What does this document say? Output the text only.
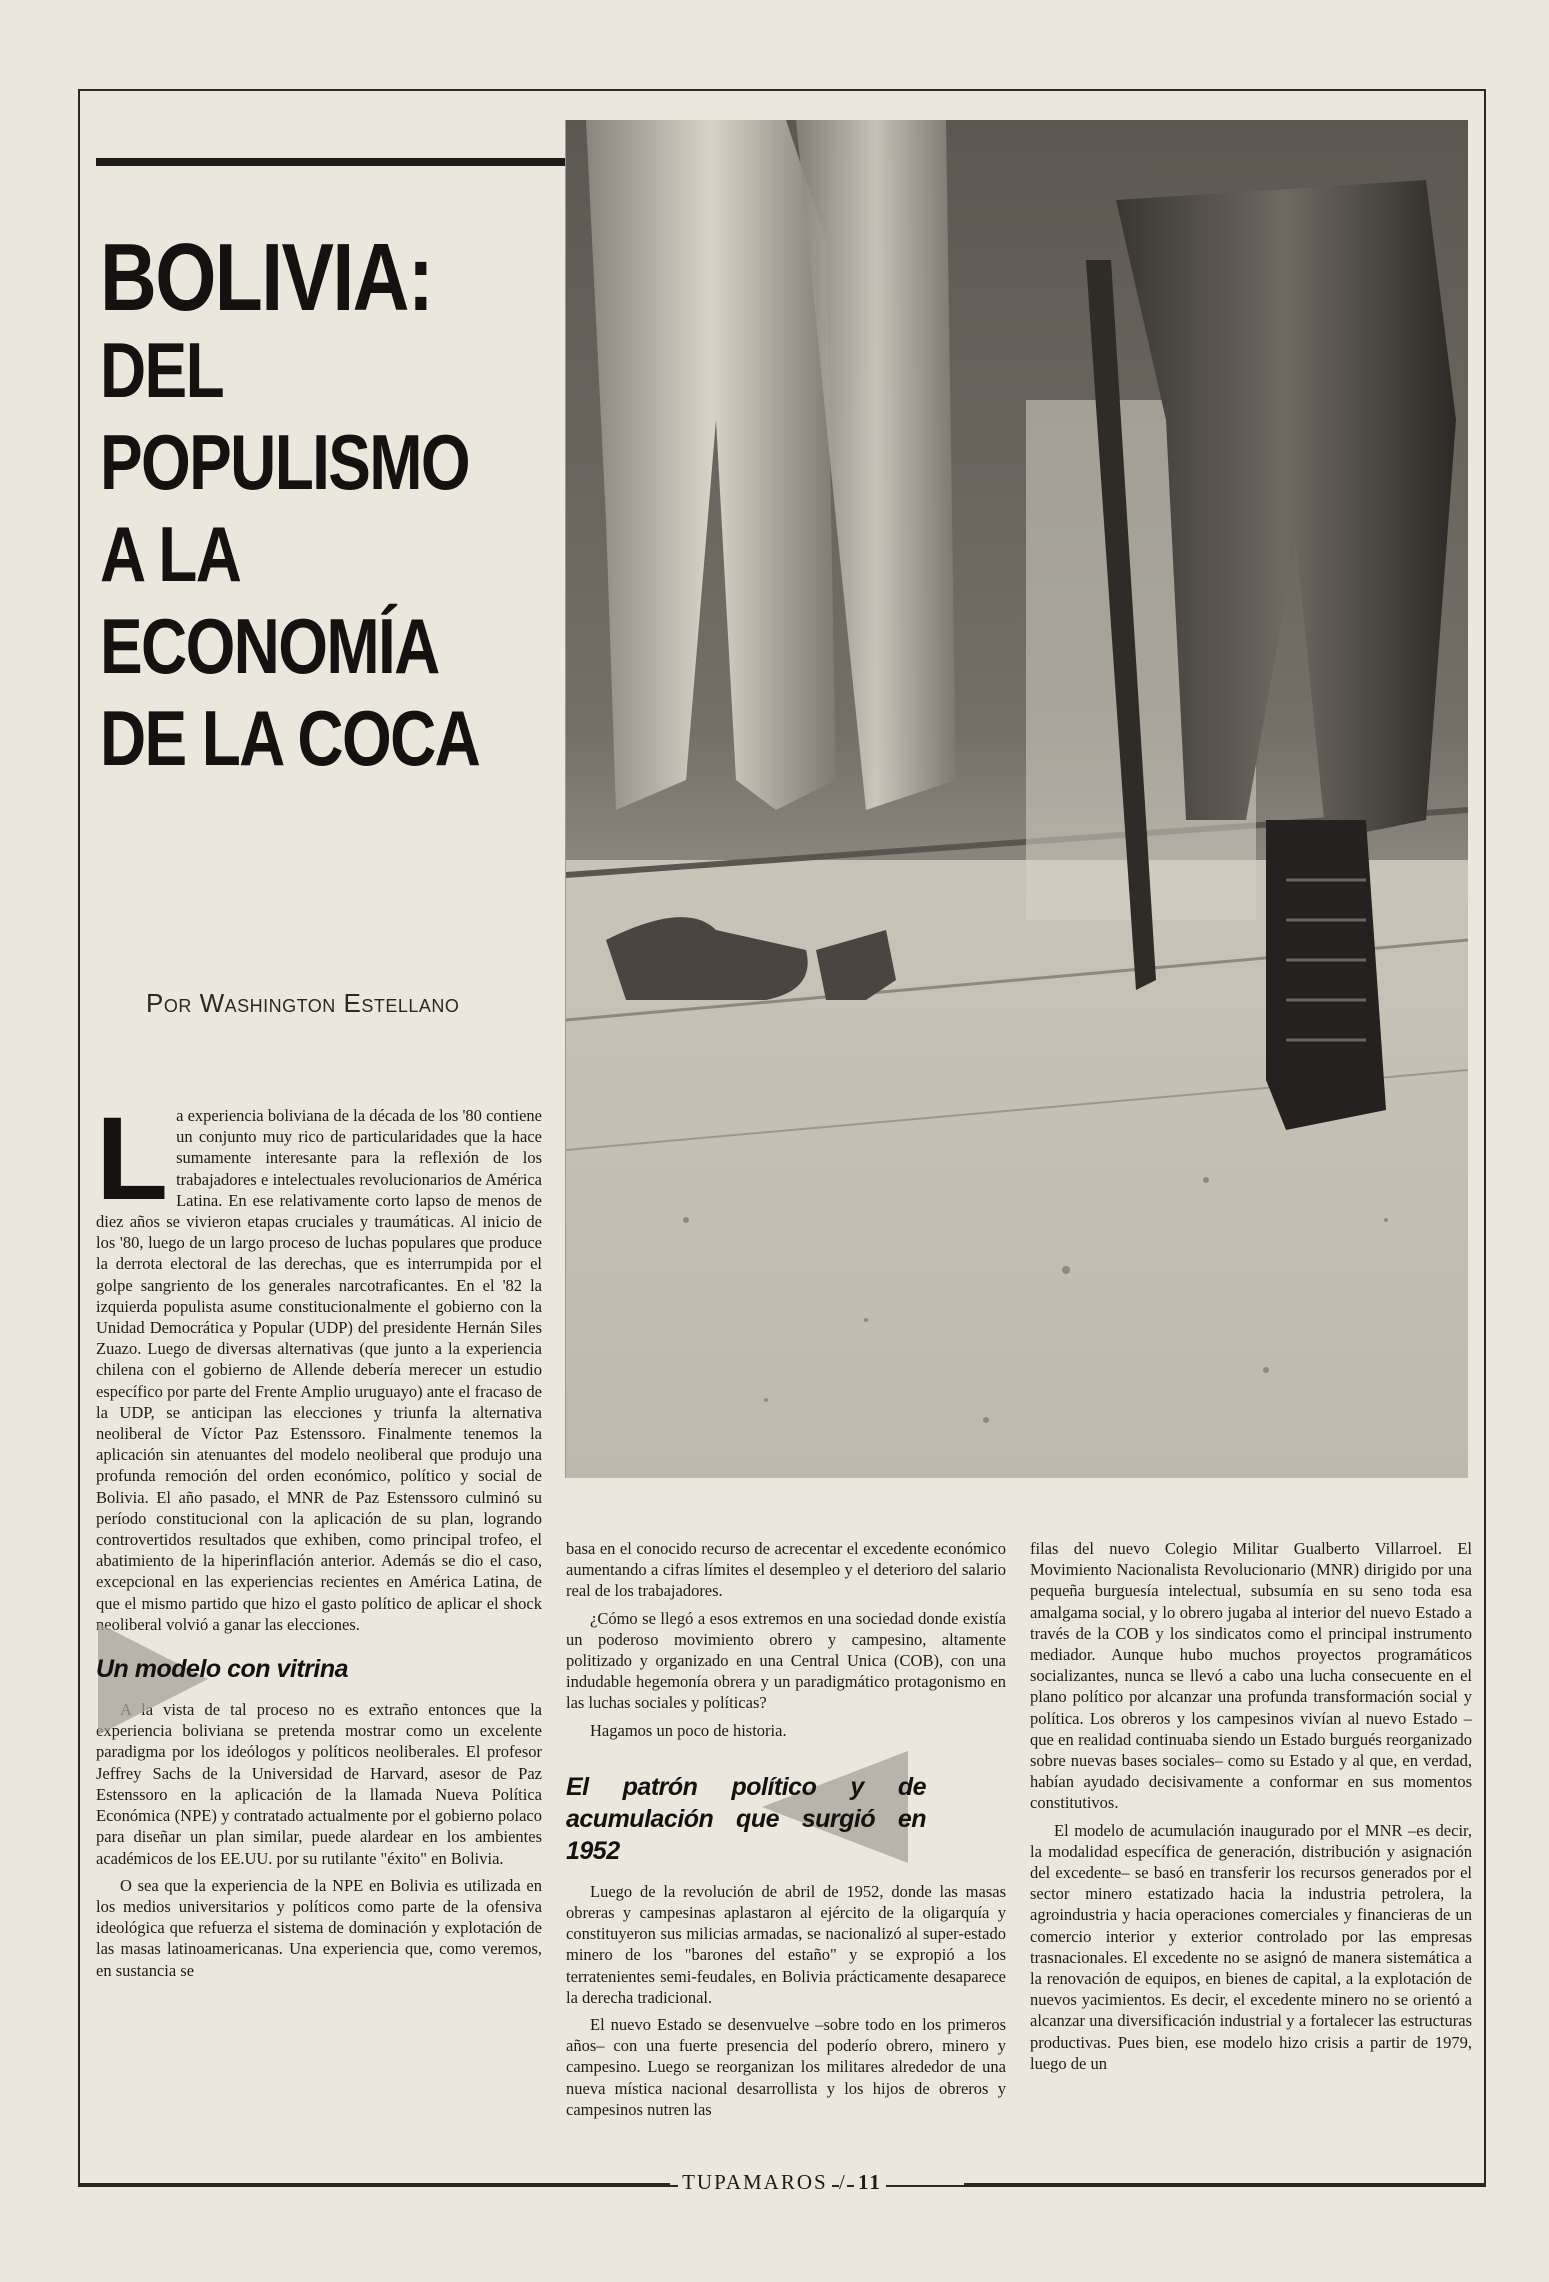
BOLIVIA:
DEL
POPULISMO
A LA
ECONOMÍA
DE LA COCA
Por Washington Estellano

La experiencia boliviana de la década de los '80 contiene un conjunto muy rico de particularidades que la hace sumamente interesante para la reflexión de los trabajadores e intelectuales revolucionarios de América Latina. En ese relativamente corto lapso de menos de diez años se vivieron etapas cruciales y traumáticas. Al inicio de los '80, luego de un largo proceso de luchas populares que produce la derrota electoral de las derechas, que es interrumpida por el golpe sangriento de los generales narcotraficantes. En el '82 la izquierda populista asume constitucionalmente el gobierno con la Unidad Democrática y Popular (UDP) del presidente Hernán Siles Zuazo. Luego de diversas alternativas (que junto a la experiencia chilena con el gobierno de Allende debería merecer un estudio específico por parte del Frente Amplio uruguayo) ante el fracaso de la UDP, se anticipan las elecciones y triunfa la alternativa neoliberal de Víctor Paz Estenssoro. Finalmente tenemos la aplicación sin atenuantes del modelo neoliberal que produjo una profunda remoción del orden económico, político y social de Bolivia. El año pasado, el MNR de Paz Estenssoro culminó su período constitucional con la aplicación de su plan, logrando controvertidos resultados que exhiben, como principal trofeo, el abatimiento de la hiperinflación anterior. Además se dio el caso, excepcional en las experiencias recientes en América Latina, de que el mismo partido que hizo el gasto político de aplicar el shock neoliberal volvió a ganar las elecciones.

Un modelo con vitrina

A la vista de tal proceso no es extraño entonces que la experiencia boliviana se pretenda mostrar como un excelente paradigma por los ideólogos y políticos neoliberales. El profesor Jeffrey Sachs de la Universidad de Harvard, asesor de Paz Estenssoro en la aplicación de la llamada Nueva Política Económica (NPE) y contratado actualmente por el gobierno polaco para diseñar un plan similar, puede alardear en los ambientes académicos de los EE.UU. por su rutilante "éxito" en Bolivia.

O sea que la experiencia de la NPE en Bolivia es utilizada en los medios universitarios y políticos como parte de la ofensiva ideológica que refuerza el sistema de dominación y explotación de las masas latinoamericanas. Una experiencia que, como veremos, en sustancia se

basa en el conocido recurso de acrecentar el excedente económico aumentando a cifras límites el desempleo y el deterioro del salario real de los trabajadores.

¿Cómo se llegó a esos extremos en una sociedad donde existía un poderoso movimiento obrero y campesino, altamente politizado y organizado en una Central Unica (COB), con una indudable hegemonía obrera y un paradigmático protagonismo en las luchas sociales y políticas?

Hagamos un poco de historia.

El patrón político y de acumulación que surgió en 1952

Luego de la revolución de abril de 1952, donde las masas obreras y campesinas aplastaron al ejército de la oligarquía y constituyeron sus milicias armadas, se nacionalizó al super-estado minero de los "barones del estaño" y se expropió a los terratenientes semi-feudales, en Bolivia prácticamente desaparece la derecha tradicional.

El nuevo Estado se desenvuelve –sobre todo en los primeros años– con una fuerte presencia del poderío obrero, minero y campesino. Luego se reorganizan los militares alrededor de una nueva mística nacional desarrollista y los hijos de obreros y campesinos nutren las

filas del nuevo Colegio Militar Gualberto Villarroel. El Movimiento Nacionalista Revolucionario (MNR) dirigido por una pequeña burguesía intelectual, subsumía en su seno toda esa amalgama social, y lo obrero jugaba al interior del nuevo Estado a través de la COB y los sindicatos como el principal instrumento mediador. Aunque hubo muchos proyectos programáticos socializantes, nunca se llevó a cabo una lucha consecuente en el plano político por alcanzar una profunda transformación social y política. Los obreros y los campesinos vivían al nuevo Estado –que en realidad continuaba siendo un Estado burgués reorganizado sobre nuevas bases sociales– como su Estado y al que, en verdad, habían ayudado decisivamente a conformar en sus momentos constitutivos.

El modelo de acumulación inaugurado por el MNR –es decir, la modalidad específica de generación, distribución y asignación del excedente– se basó en transferir los recursos generados por el sector minero estatizado hacia la industria petrolera, la agroindustria y hacia operaciones comerciales y financieras de un comercio interior y exterior controlado por las empresas trasnacionales. El excedente no se asignó de manera sistemática a la renovación de equipos, en bienes de capital, a la explotación de nuevos yacimientos. Es decir, el excedente minero no se orientó a alcanzar una diversificación industrial y a fortalecer las estructuras productivas. Pues bien, ese modelo hizo crisis a partir de 1979, luego de un

TUPAMAROS / 11
